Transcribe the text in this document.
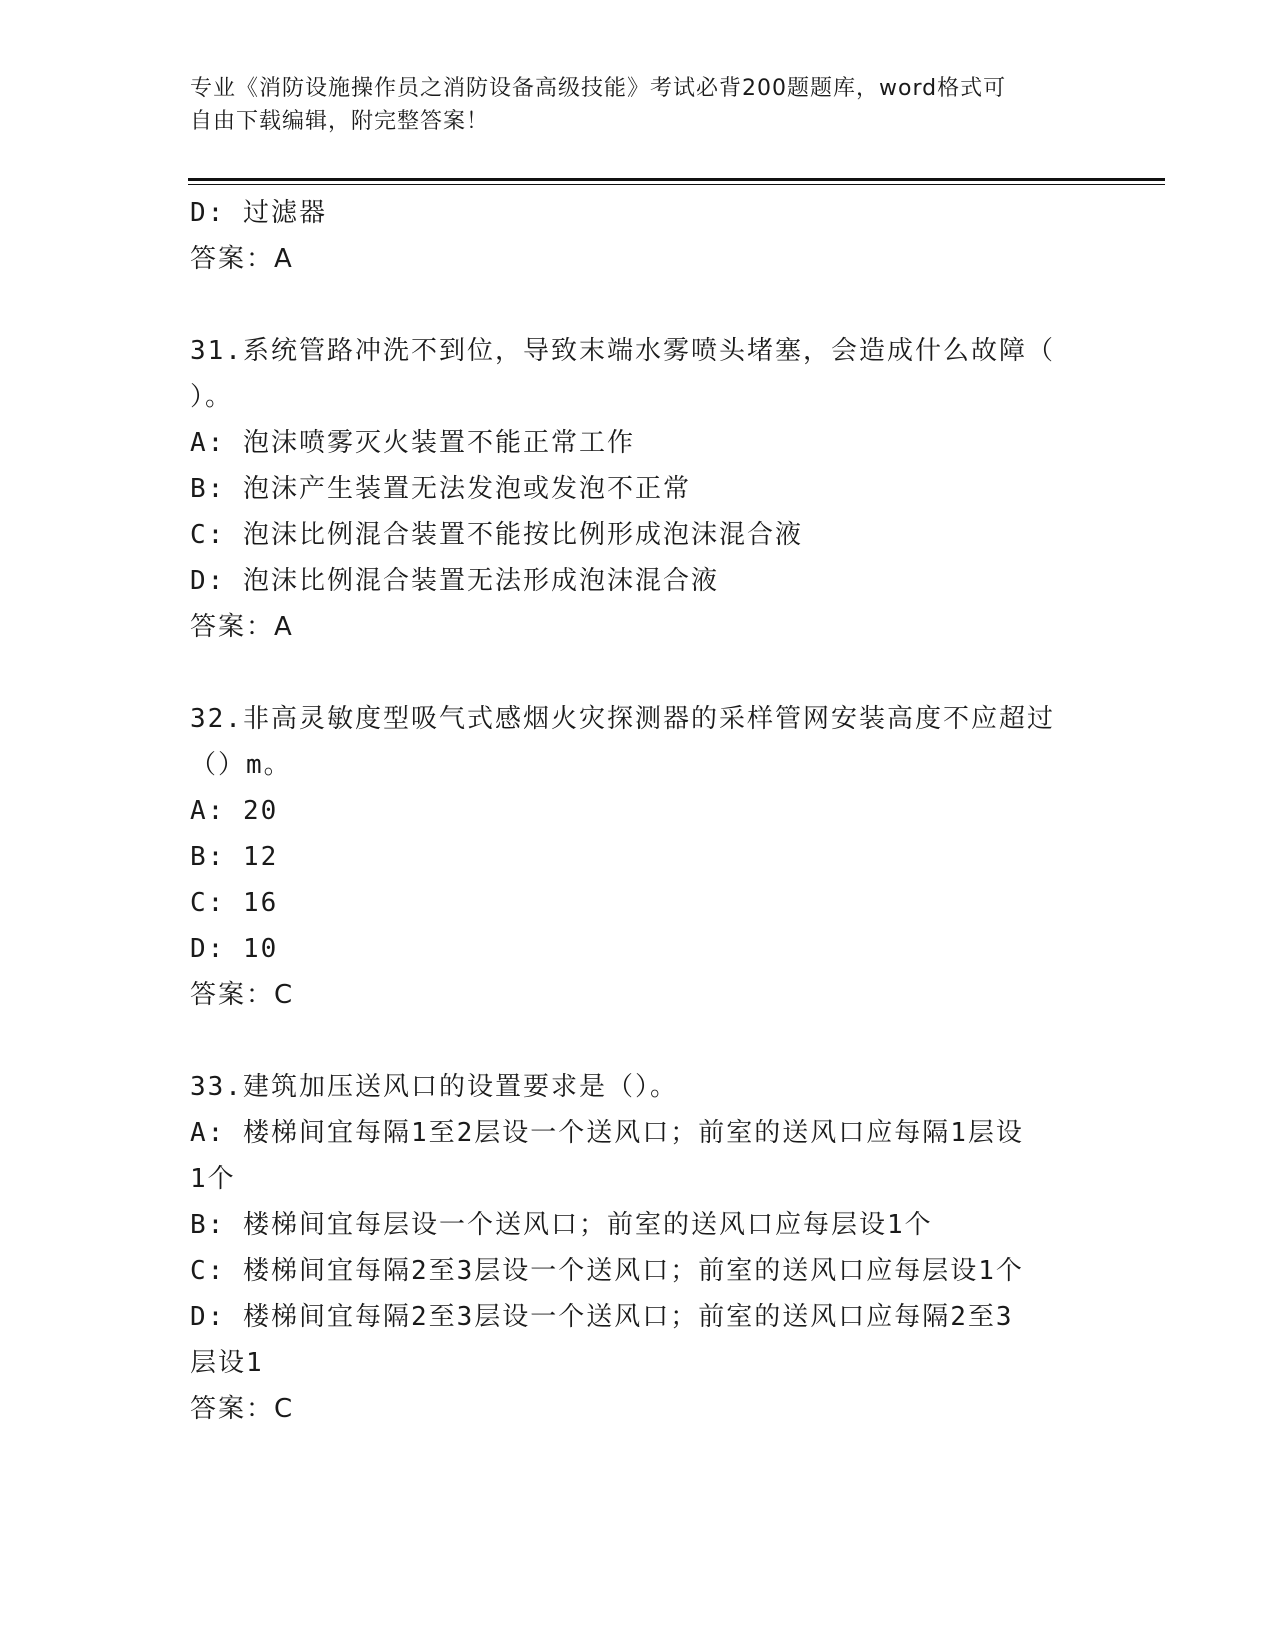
专业《消防设施操作员之消防设备高级技能》考试必背200题题库，word格式可
自由下载编辑，附完整答案！
D: 过滤器
答案：A
31.系统管路冲洗不到位，导致末端水雾喷头堵塞，会造成什么故障（
）。
A: 泡沫喷雾灭火装置不能正常工作
B: 泡沫产生装置无法发泡或发泡不正常
C: 泡沫比例混合装置不能按比例形成泡沫混合液
D: 泡沫比例混合装置无法形成泡沫混合液
答案：A
32.非高灵敏度型吸气式感烟火灾探测器的采样管网安装高度不应超过
（）m。
A: 20
B: 12
C: 16
D: 10
答案：C
33.建筑加压送风口的设置要求是（）。
A: 楼梯间宜每隔1至2层设一个送风口；前室的送风口应每隔1层设
1个
B: 楼梯间宜每层设一个送风口；前室的送风口应每层设1个
C: 楼梯间宜每隔2至3层设一个送风口；前室的送风口应每层设1个
D: 楼梯间宜每隔2至3层设一个送风口；前室的送风口应每隔2至3
层设1
答案：C
